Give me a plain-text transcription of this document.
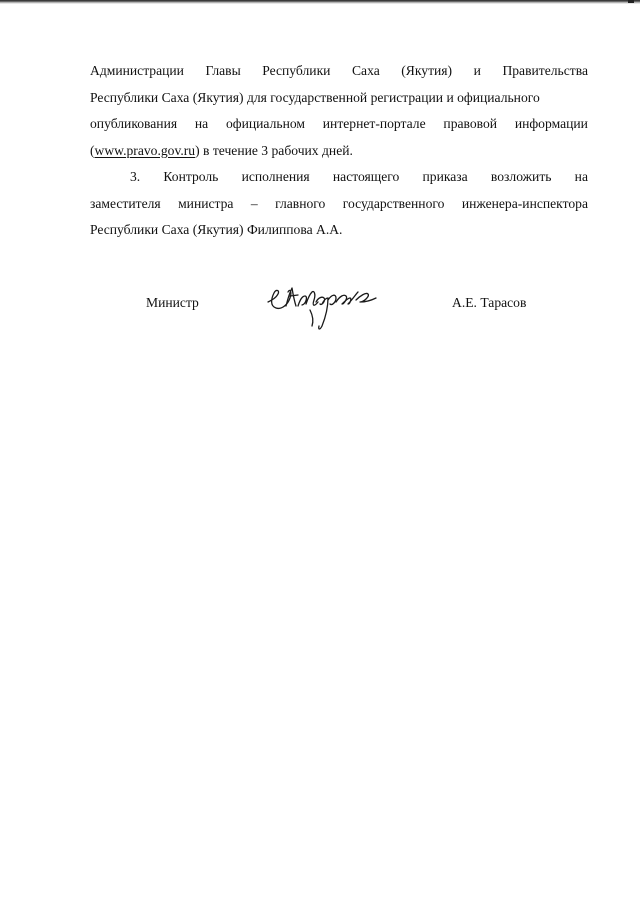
Администрации Главы Республики Саха (Якутия) и Правительства
Республики Саха (Якутия) для государственной регистрации и официального
опубликования на официальном интернет-портале правовой информации
(www.pravo.gov.ru) в течение 3 рабочих дней.
3. Контроль исполнения настоящего приказа возложить на
заместителя министра – главного государственного инженера-инспектора
Республики Саха (Якутия) Филиппова А.А.
Министр	А.Е. Тарасов
